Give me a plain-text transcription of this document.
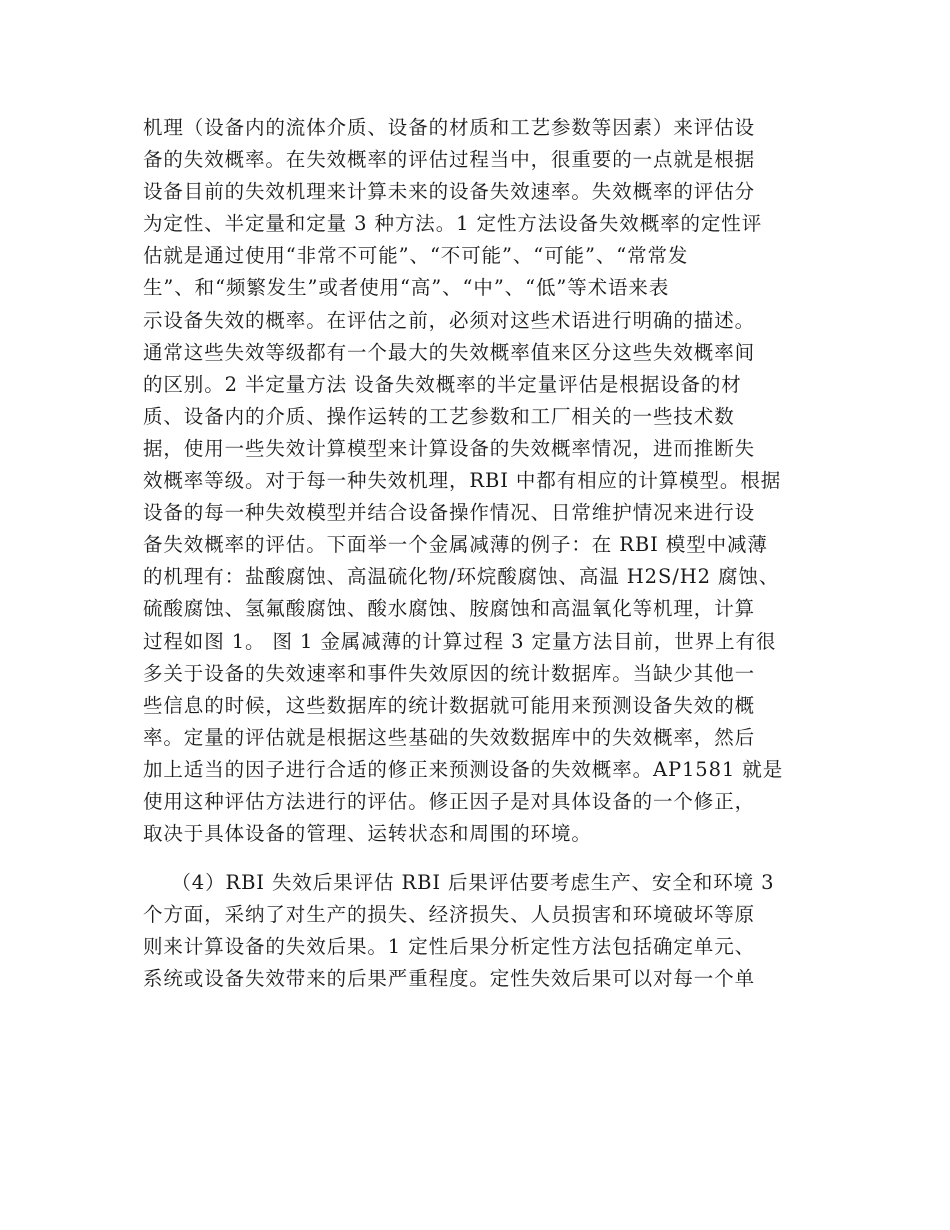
机理（设备内的流体介质、设备的材质和工艺参数等因素）来评估设
备的失效概率。在失效概率的评估过程当中，很重要的一点就是根据
设备目前的失效机理来计算未来的设备失效速率。失效概率的评估分
为定性、半定量和定量 3 种方法。1 定性方法设备失效概率的定性评
估就是通过使用“非常不可能”、“不可能”、“可能”、“常常发
生”、和“频繁发生”或者使用“高”、“中”、“低”等术语来表
示设备失效的概率。在评估之前，必须对这些术语进行明确的描述。
通常这些失效等级都有一个最大的失效概率值来区分这些失效概率间
的区别。2 半定量方法 设备失效概率的半定量评估是根据设备的材
质、设备内的介质、操作运转的工艺参数和工厂相关的一些技术数
据，使用一些失效计算模型来计算设备的失效概率情况，进而推断失
效概率等级。对于每一种失效机理，RBI 中都有相应的计算模型。根据
设备的每一种失效模型并结合设备操作情况、日常维护情况来进行设
备失效概率的评估。下面举一个金属减薄的例子：在 RBI 模型中减薄
的机理有：盐酸腐蚀、高温硫化物/环烷酸腐蚀、高温 H2S/H2 腐蚀、
硫酸腐蚀、氢氟酸腐蚀、酸水腐蚀、胺腐蚀和高温氧化等机理，计算
过程如图 1。 图 1 金属减薄的计算过程 3 定量方法目前，世界上有很
多关于设备的失效速率和事件失效原因的统计数据库。当缺少其他一
些信息的时候，这些数据库的统计数据就可能用来预测设备失效的概
率。定量的评估就是根据这些基础的失效数据库中的失效概率，然后
加上适当的因子进行合适的修正来预测设备的失效概率。AP1581 就是
使用这种评估方法进行的评估。修正因子是对具体设备的一个修正，
取决于具体设备的管理、运转状态和周围的环境。
（4）RBI 失效后果评估 RBI 后果评估要考虑生产、安全和环境 3
个方面，采纳了对生产的损失、经济损失、人员损害和环境破坏等原
则来计算设备的失效后果。1 定性后果分析定性方法包括确定单元、
系统或设备失效带来的后果严重程度。定性失效后果可以对每一个单
